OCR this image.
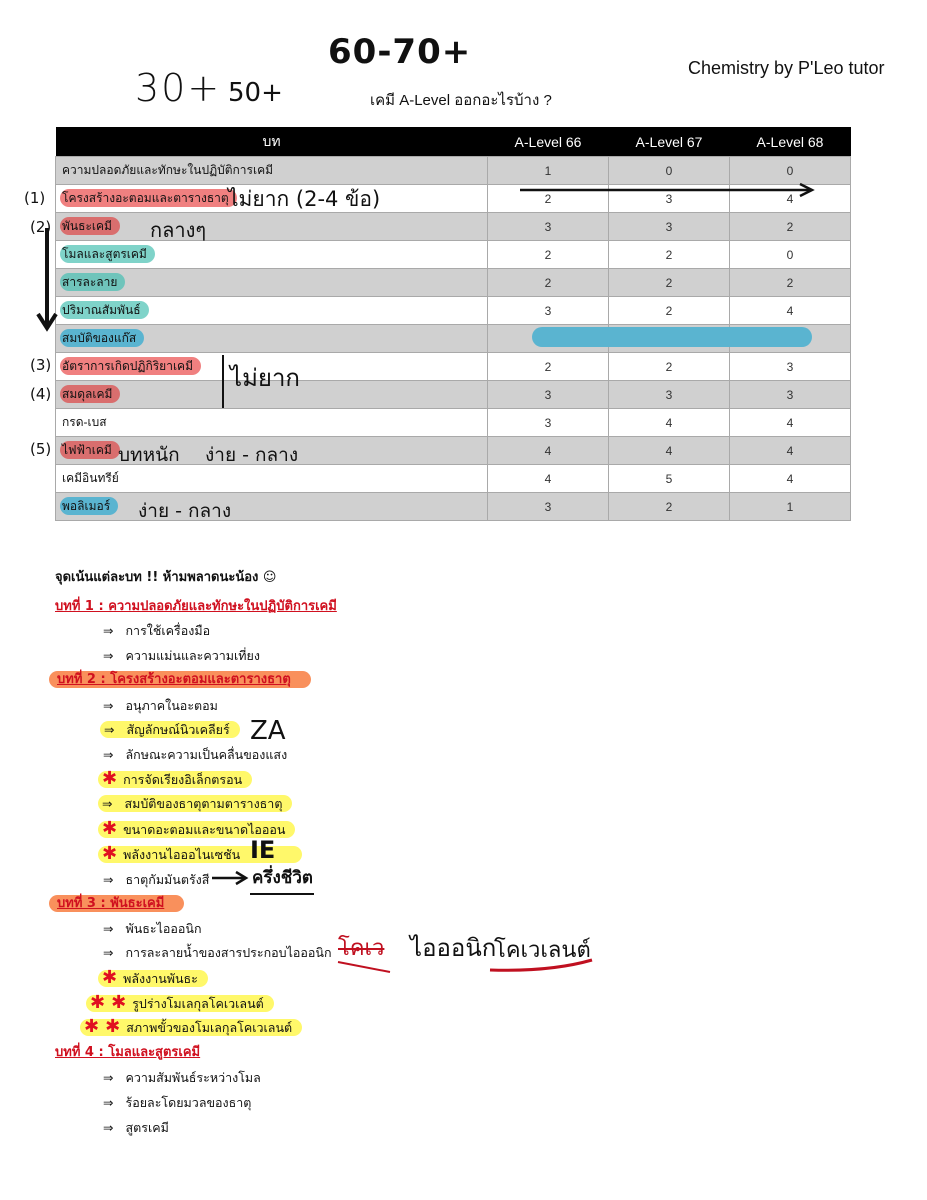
30+ 50+
60-70+
เคมี A-Level ออกอะไรบ้าง ?
Chemistry by P'Leo tutor
บท	A-Level 66	A-Level 67	A-Level 68
ความปลอดภัยและทักษะในปฏิบัติการเคมี	1	0	0
โครงสร้างอะตอมและตารางธาตุ	2	3	4
พันธะเคมี	3	3	2
โมลและสูตรเคมี	2	2	0
สารละลาย	2	2	2
ปริมาณสัมพันธ์	3	2	4
สมบัติของแก๊ส			
อัตราการเกิดปฏิกิริยาเคมี	2	2	3
สมดุลเคมี	3	3	3
กรด-เบส	3	4	4
ไฟฟ้าเคมี	4	4	4
เคมีอินทรีย์	4	5	4
พอลิเมอร์	3	2	1
(1)
(2)
(3)
(4)
(5)
ไม่ยาก (2-4 ข้อ)
กลางๆ
ไม่ยาก
บทหนัก ง่าย - กลาง
ง่าย - กลาง
จุดเน้นแต่ละบท !! ห้ามพลาดนะน้อง ☺
บทที่ 1 : ความปลอดภัยและทักษะในปฏิบัติการเคมี
⇒ การใช้เครื่องมือ
⇒ ความแม่นและความเที่ยง
บทที่ 2 : โครงสร้างอะตอมและตารางธาตุ
⇒ อนุภาคในอะตอม
⇒ สัญลักษณ์นิวเคลียร์
⇒ ลักษณะความเป็นคลื่นของแสง
✱ การจัดเรียงอิเล็กตรอน
⇒ สมบัติของธาตุตามตารางธาตุ
✱ ขนาดอะตอมและขนาดไอออน
✱ พลังงานไอออไนเซชัน
⇒ ธาตุกัมมันตรังสี
ZA
IE
ครึ่งชีวิต
บทที่ 3 : พันธะเคมี
⇒ พันธะไอออนิก
⇒ การละลายน้ำของสารประกอบไอออนิก
✱ พลังงานพันธะ
✱ ✱ รูปร่างโมเลกุลโคเวเลนต์
✱ ✱ สภาพขั้วของโมเลกุลโคเวเลนต์
โคเว ไอออนิก
โคเวเลนต์
บทที่ 4 : โมลและสูตรเคมี
⇒ ความสัมพันธ์ระหว่างโมล
⇒ ร้อยละโดยมวลของธาตุ
⇒ สูตรเคมี
